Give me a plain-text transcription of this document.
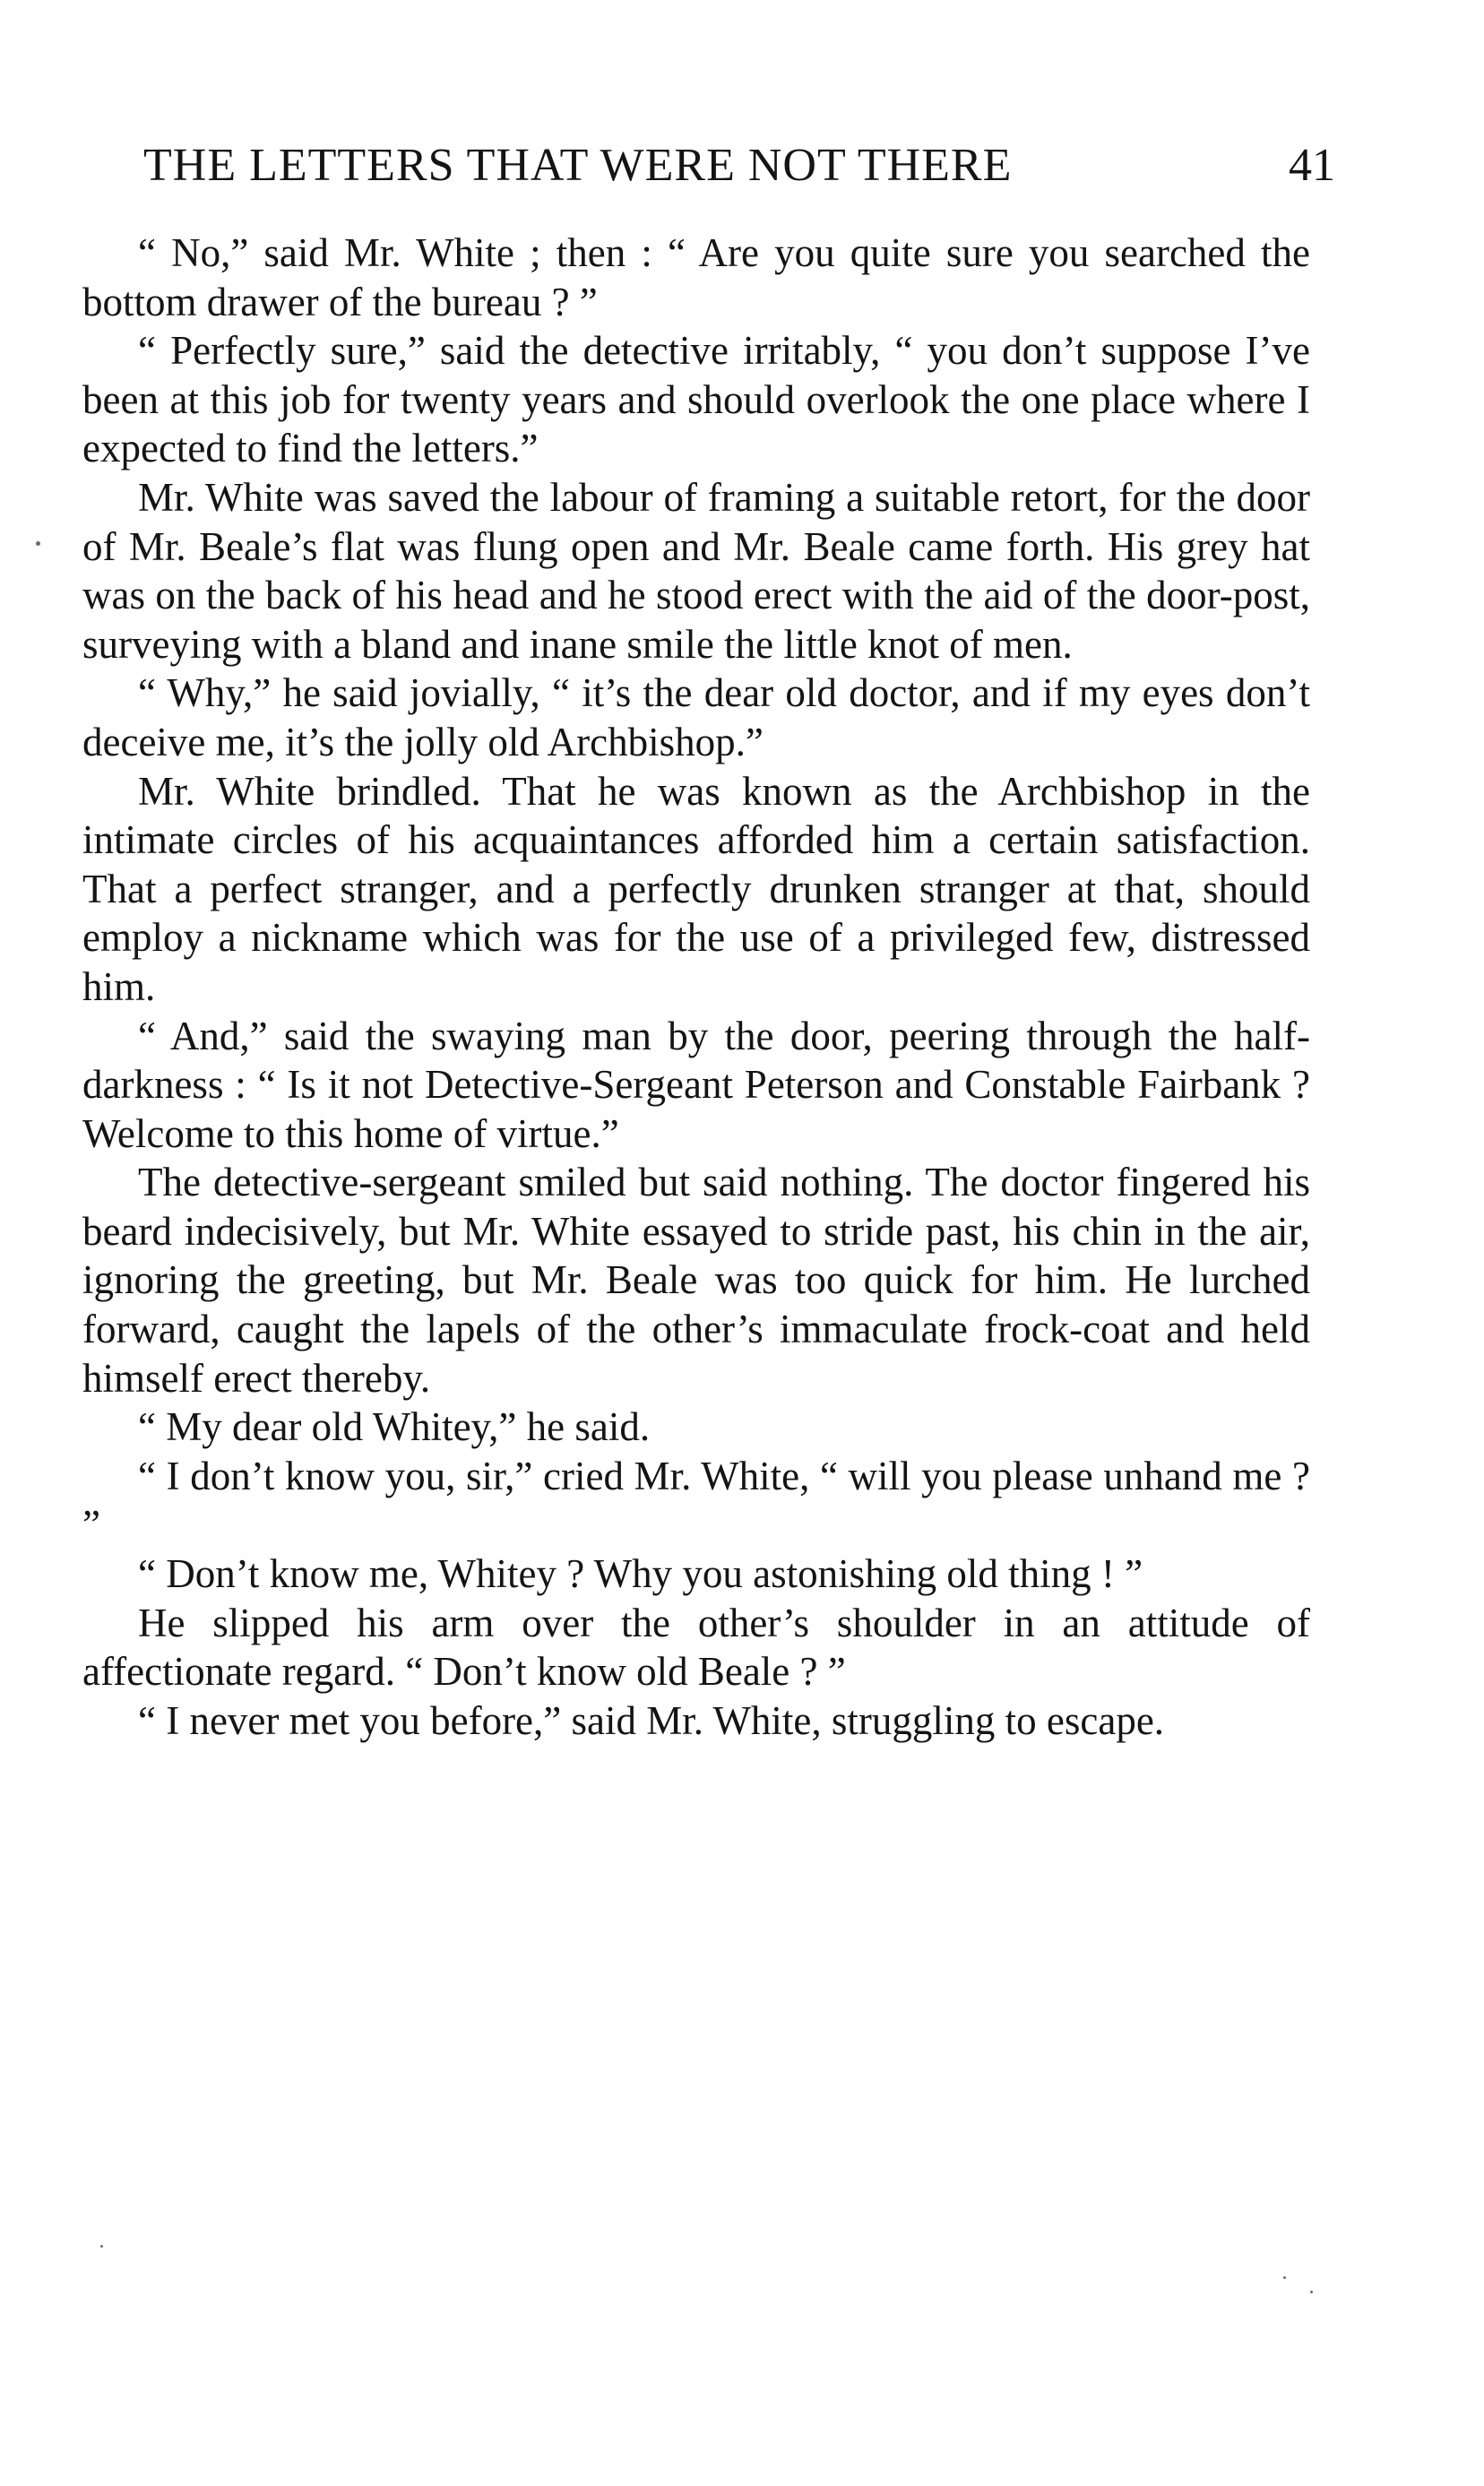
THE LETTERS THAT WERE NOT THERE	41

“ No,” said Mr. White ; then : “ Are you quite sure you searched the bottom drawer of the bureau ? ”

“ Perfectly sure,” said the detective irritably, “ you don’t suppose I’ve been at this job for twenty years and should overlook the one place where I expected to find the letters.”

Mr. White was saved the labour of framing a suitable retort, for the door of Mr. Beale’s flat was flung open and Mr. Beale came forth. His grey hat was on the back of his head and he stood erect with the aid of the door-post, surveying with a bland and inane smile the little knot of men.

“ Why,” he said jovially, “ it’s the dear old doctor, and if my eyes don’t deceive me, it’s the jolly old Archbishop.”

Mr. White brindled. That he was known as the Archbishop in the intimate circles of his acquaintances afforded him a certain satisfaction. That a perfect stranger, and a perfectly drunken stranger at that, should employ a nickname which was for the use of a privileged few, distressed him.

“ And,” said the swaying man by the door, peering through the half-darkness : “ Is it not Detective-Sergeant Peterson and Constable Fairbank ? Welcome to this home of virtue.”

The detective-sergeant smiled but said nothing. The doctor fingered his beard indecisively, but Mr. White essayed to stride past, his chin in the air, ignoring the greeting, but Mr. Beale was too quick for him. He lurched forward, caught the lapels of the other’s immaculate frock-coat and held himself erect thereby.

“ My dear old Whitey,” he said.

“ I don’t know you, sir,” cried Mr. White, “ will you please unhand me ? ”

“ Don’t know me, Whitey ? Why you astonishing old thing ! ”

He slipped his arm over the other’s shoulder in an attitude of affectionate regard. “ Don’t know old Beale ? ”

“ I never met you before,” said Mr. White, struggling to escape.
